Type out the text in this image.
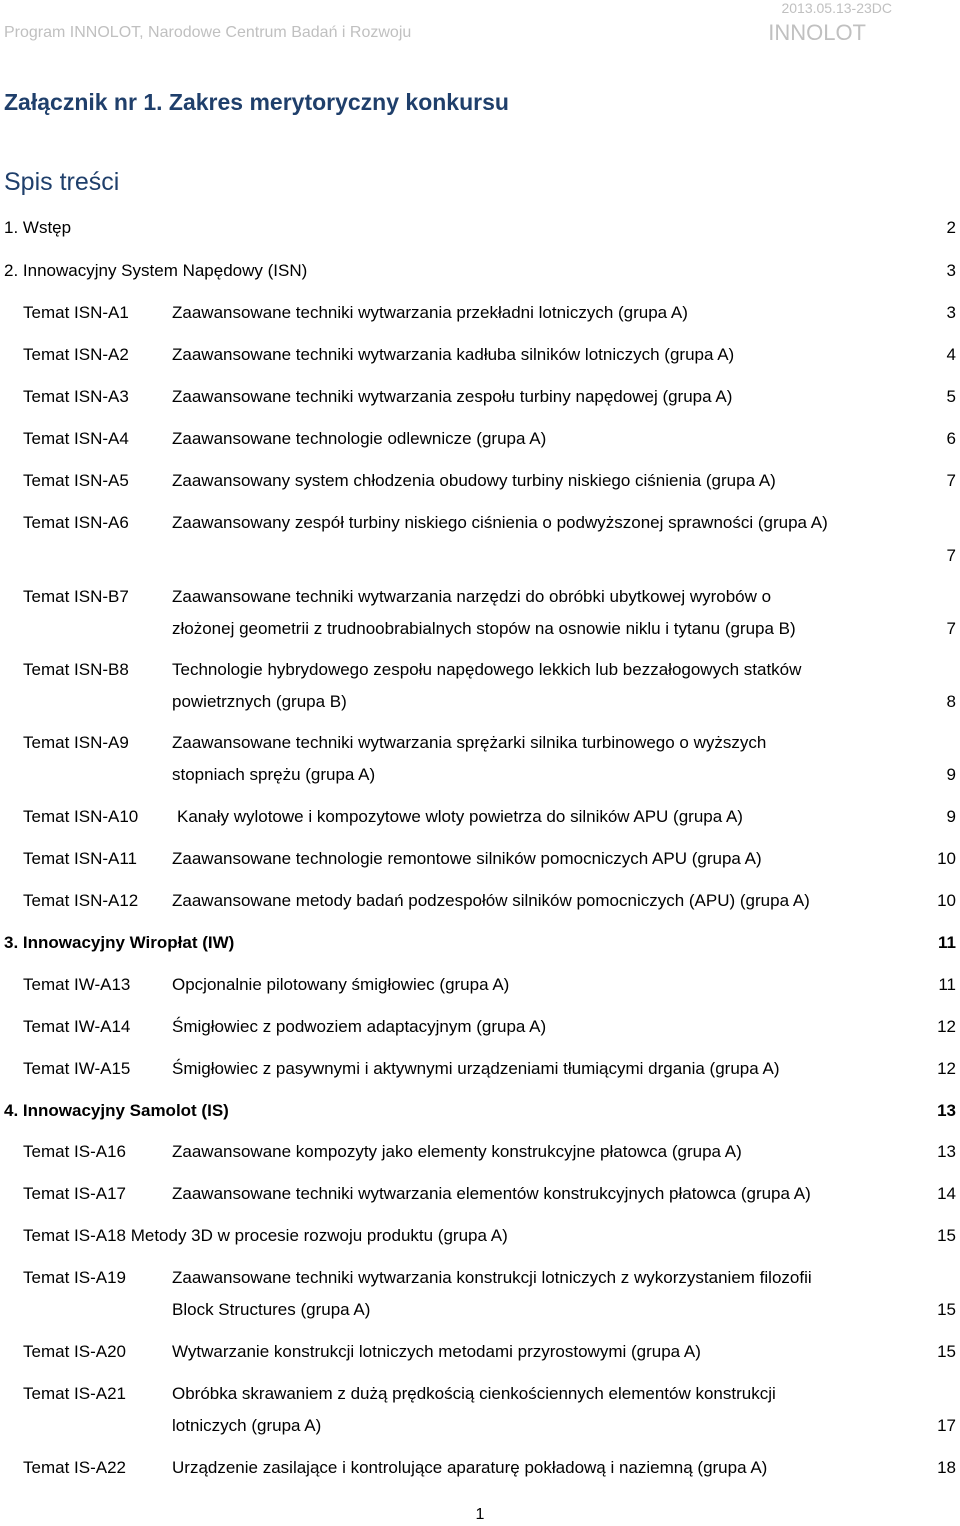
Program INNOLOT, Narodowe Centrum Badań i Rozwoju
2013.05.13-23DC
INNOLOT
Załącznik nr 1. Zakres merytoryczny konkursu
Spis treści
1. Wstęp	2
2. Innowacyjny System Napędowy (ISN)	3
Temat ISN-A1	Zaawansowane techniki wytwarzania przekładni lotniczych (grupa A)	3
Temat ISN-A2	Zaawansowane techniki wytwarzania kadłuba silników lotniczych (grupa A)	4
Temat ISN-A3	Zaawansowane techniki wytwarzania zespołu turbiny napędowej (grupa A)	5
Temat ISN-A4	Zaawansowane technologie odlewnicze (grupa A)	6
Temat ISN-A5	Zaawansowany system chłodzenia obudowy turbiny niskiego ciśnienia (grupa A)	7
Temat ISN-A6	Zaawansowany zespół turbiny niskiego ciśnienia o podwyższonej sprawności (grupa A)
7
Temat ISN-B7	Zaawansowane techniki wytwarzania narzędzi do obróbki ubytkowej wyrobów o
złożonej geometrii z trudnoobrabialnych stopów na osnowie niklu i tytanu (grupa B)	7
Temat ISN-B8	Technologie hybrydowego zespołu napędowego lekkich lub bezzałogowych statków
powietrznych (grupa B)	8
Temat ISN-A9	Zaawansowane techniki wytwarzania sprężarki silnika turbinowego o wyższych
stopniach sprężu (grupa A)	9
Temat ISN-A10 Kanały wylotowe i kompozytowe wloty powietrza do silników APU (grupa A)	9
Temat ISN-A11 Zaawansowane technologie remontowe silników pomocniczych APU (grupa A)	10
Temat ISN-A12 Zaawansowane metody badań podzespołów silników pomocniczych (APU) (grupa A)	10
3. Innowacyjny Wiropłat (IW)	11
Temat IW-A13 Opcjonalnie pilotowany śmigłowiec (grupa A)	11
Temat IW-A14 Śmigłowiec z podwoziem adaptacyjnym (grupa A)	12
Temat IW-A15 Śmigłowiec z pasywnymi i aktywnymi urządzeniami tłumiącymi drgania (grupa A)	12
4. Innowacyjny Samolot (IS)	13
Temat IS-A16	Zaawansowane kompozyty jako elementy konstrukcyjne płatowca (grupa A)	13
Temat IS-A17	Zaawansowane techniki wytwarzania elementów konstrukcyjnych płatowca (grupa A)	14
Temat IS-A18 Metody 3D w procesie rozwoju produktu (grupa A)	15
Temat IS-A19	Zaawansowane techniki wytwarzania konstrukcji lotniczych z wykorzystaniem filozofii
Block Structures (grupa A)	15
Temat IS-A20	Wytwarzanie konstrukcji lotniczych metodami przyrostowymi (grupa A)	15
Temat IS-A21	Obróbka skrawaniem z dużą prędkością cienkościennych elementów konstrukcji
lotniczych (grupa A)	17
Temat IS-A22	Urządzenie zasilające i kontrolujące aparaturę pokładową i naziemną (grupa A)	18
1
